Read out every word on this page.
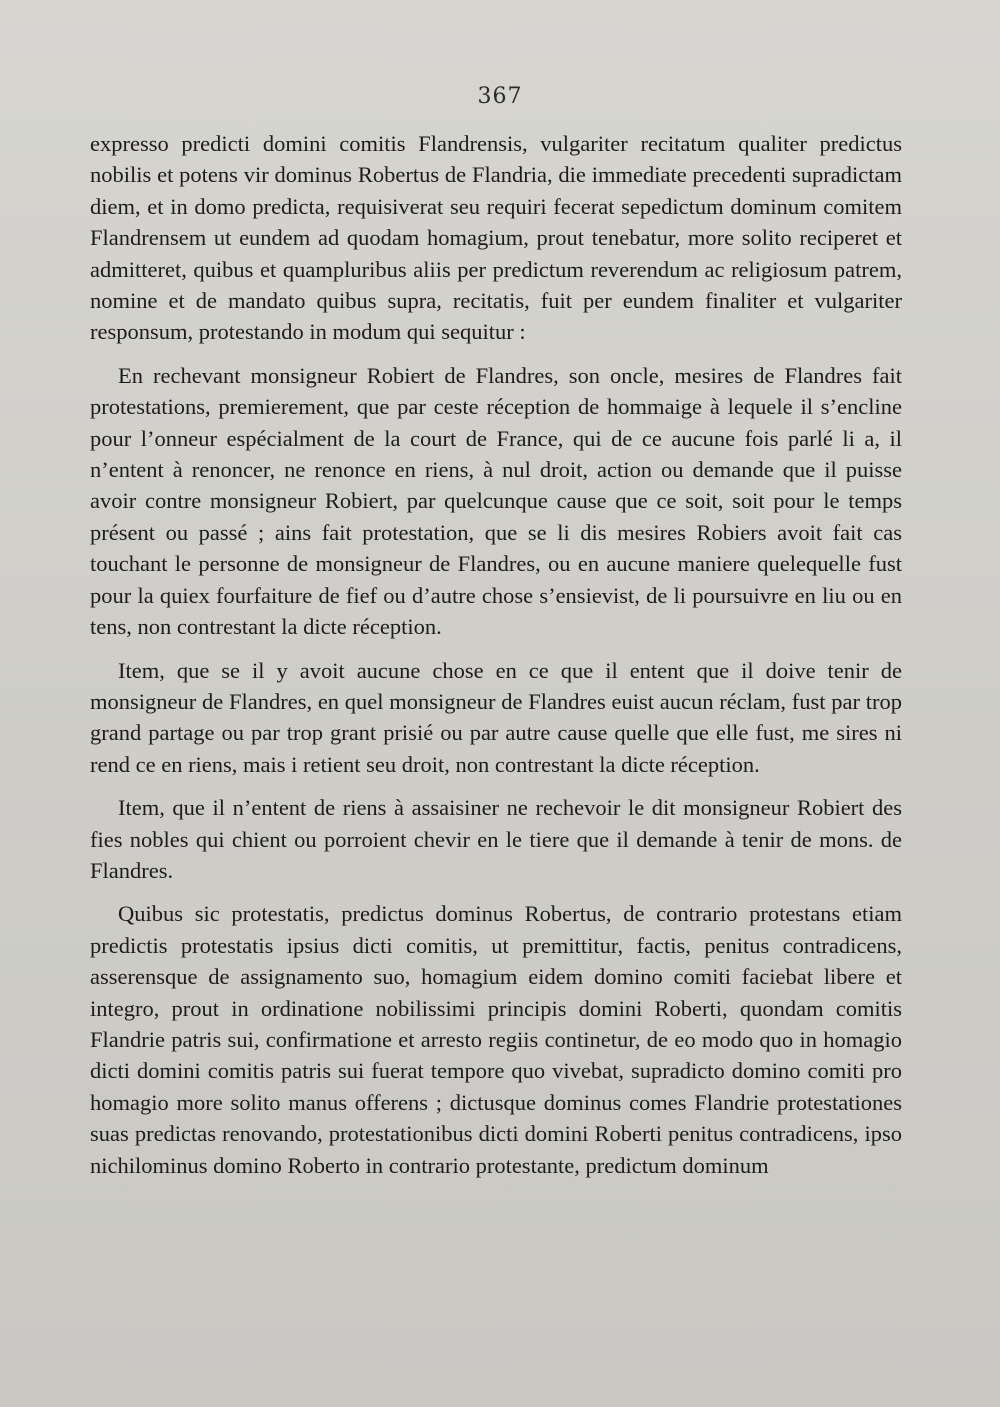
367

expresso predicti domini comitis Flandrensis, vulgariter recitatum qualiter predictus nobilis et potens vir dominus Robertus de Flandria, die immediate precedenti supradictam diem, et in domo predicta, requisiverat seu requiri fecerat sepedictum dominum comitem Flandrensem ut eundem ad quodam homagium, prout tenebatur, more solito reciperet et admitteret, quibus et quampluribus aliis per predictum reverendum ac religiosum patrem, nomine et de mandato quibus supra, recitatis, fuit per eundem finaliter et vulgariter responsum, protestando in modum qui sequitur :

En rechevant monsigneur Robiert de Flandres, son oncle, mesires de Flandres fait protestations, premierement, que par ceste réception de hommaige à lequele il s’encline pour l’onneur espécialment de la court de France, qui de ce aucune fois parlé li a, il n’entent à renoncer, ne renonce en riens, à nul droit, action ou demande que il puisse avoir contre monsigneur Robiert, par quelcunque cause que ce soit, soit pour le temps présent ou passé ; ains fait protestation, que se li dis mesires Robiers avoit fait cas touchant le personne de monsigneur de Flandres, ou en aucune maniere quelequelle fust pour la quiex fourfaiture de fief ou d’autre chose s’ensievist, de li poursuivre en liu ou en tens, non contrestant la dicte réception.

Item, que se il y avoit aucune chose en ce que il entent que il doive tenir de monsigneur de Flandres, en quel monsigneur de Flandres euist aucun réclam, fust par trop grand partage ou par trop grant prisié ou par autre cause quelle que elle fust, me sires ni rend ce en riens, mais i retient seu droit, non contrestant la dicte réception.

Item, que il n’entent de riens à assaisiner ne rechevoir le dit monsigneur Robiert des fies nobles qui chient ou porroient chevir en le tiere que il demande à tenir de mons. de Flandres.

Quibus sic protestatis, predictus dominus Robertus, de contrario protestans etiam predictis protestatis ipsius dicti comitis, ut premittitur, factis, penitus contradicens, asserensque de assignamento suo, homagium eidem domino comiti faciebat libere et integro, prout in ordinatione nobilissimi principis domini Roberti, quondam comitis Flandrie patris sui, confirmatione et arresto regiis continetur, de eo modo quo in homagio dicti domini comitis patris sui fuerat tempore quo vivebat, supradicto domino comiti pro homagio more solito manus offerens ; dictusque dominus comes Flandrie protestationes suas predictas renovando, protestationibus dicti domini Roberti penitus contradicens, ipso nichilominus domino Roberto in contrario protestante, predictum dominum
